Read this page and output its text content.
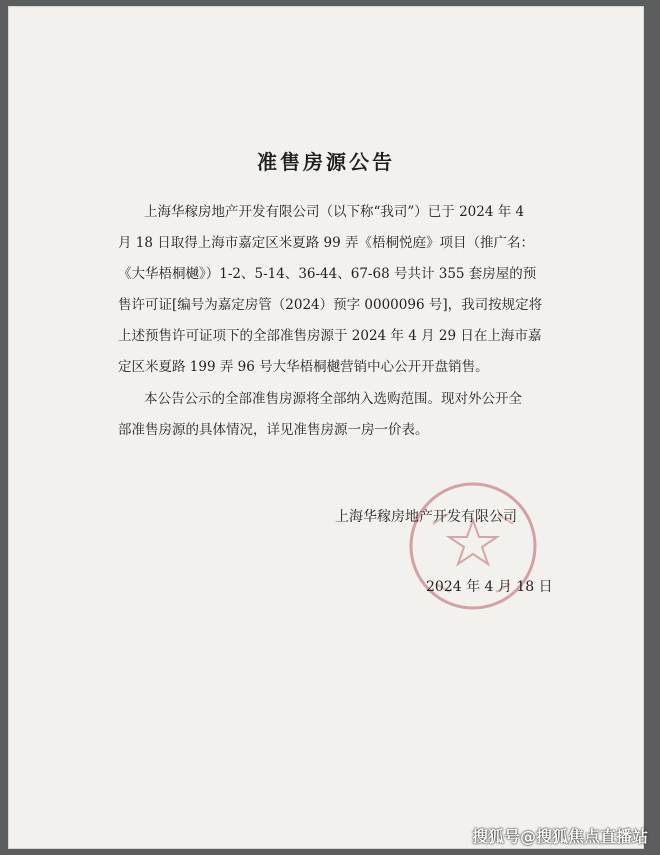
准售房源公告
上海华稼房地产开发有限公司（以下称“我司”）已于 2024 年 4
月 18 日取得上海市嘉定区米夏路 99 弄《梧桐悦庭》项目（推广名：
《大华梧桐樾》）1-2、5-14、36-44、67-68 号共计 355 套房屋的预
售许可证[编号为嘉定房管（2024）预字 0000096 号]，我司按规定将
上述预售许可证项下的全部准售房源于 2024 年 4 月 29 日在上海市嘉
定区米夏路 199 弄 96 号大华梧桐樾营销中心公开开盘销售。
本公告公示的全部准售房源将全部纳入选购范围。现对外公开全
部准售房源的具体情况，详见准售房源一房一价表。
上海华稼房地产开发有限公司
2024 年 4 月 18 日
搜狐号@搜狐焦点直播站
